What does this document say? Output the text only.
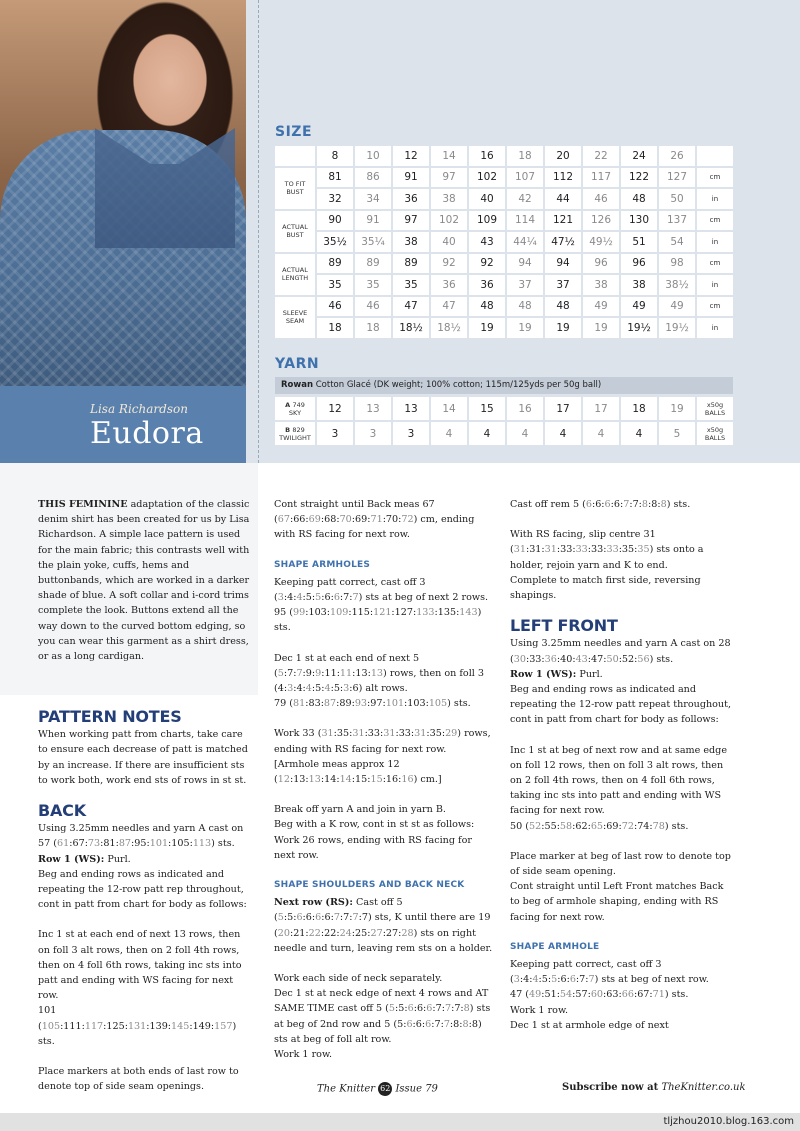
Lisa Richardson
Eudora
SIZE
	8	10	12	14	16	18	20	22	24	26	
TO FIT BUST	81	86	91	97	102	107	112	117	122	127	cm
	32	34	36	38	40	42	44	46	48	50	in
ACTUAL BUST	90	91	97	102	109	114	121	126	130	137	cm
	35½	35¼	38	40	43	44¼	47½	49½	51	54	in
ACTUAL LENGTH	89	89	89	92	92	94	94	96	96	98	cm
	35	35	35	36	36	37	37	38	38	38½	in
SLEEVE SEAM	46	46	47	47	48	48	48	49	49	49	cm
	18	18	18½	18½	19	19	19	19	19½	19½	in
YARN
Rowan Cotton Glacé (DK weight; 100% cotton; 115m/125yds per 50g ball)
A 749
SKY	12	13	13	14	15	16	17	17	18	19	x50g BALLS
B 829
TWILIGHT	3	3	3	4	4	4	4	4	4	5	x50g BALLS

THIS FEMININE adaptation of the classic denim shirt has been created for us by Lisa Richardson. A simple lace pattern is used for the main fabric; this contrasts well with the plain yoke, cuffs, hems and buttonbands, which are worked in a darker shade of blue. A soft collar and i-cord trims complete the look. Buttons extend all the way down to the curved bottom edging, so you can wear this garment as a shirt dress, or as a long cardigan.

PATTERN NOTES

When working patt from charts, take care to ensure each decrease of patt is matched by an increase. If there are insufficient sts to work both, work end sts of rows in st st.

BACK

Using 3.25mm needles and yarn A cast on 57 (61:67:73:81:87:95:101:105:113) sts.

Row 1 (WS): Purl.

Beg and ending rows as indicated and repeating the 12-row patt rep throughout, cont in patt from chart for body as follows:

Inc 1 st at each end of next 13 rows, then on foll 3 alt rows, then on 2 foll 4th rows, then on 4 foll 6th rows, taking inc sts into patt and ending with WS facing for next row.

101 (105:111:117:125:131:139:145:149:157) sts.

Place markers at both ends of last row to denote top of side seam openings.

Cont straight until Back meas 67 (67:66:69:68:70:69:71:70:72) cm, ending with RS facing for next row.

SHAPE ARMHOLES

Keeping patt correct, cast off 3 (3:4:4:5:5:6:6:7:7) sts at beg of next 2 rows.

95 (99:103:109:115:121:127:133:135:143) sts.

Dec 1 st at each end of next 5 (5:7:7:9:9:11:11:13:13) rows, then on foll 3 (4:3:4:4:5:4:5:3:6) alt rows.

79 (81:83:87:89:93:97:101:103:105) sts.

Work 33 (31:35:31:33:31:33:31:35:29) rows, ending with RS facing for next row.

[Armhole meas approx 12 (12:13:13:14:14:15:15:16:16) cm.]

Break off yarn A and join in yarn B.

Beg with a K row, cont in st st as follows:

Work 26 rows, ending with RS facing for next row.

SHAPE SHOULDERS AND BACK NECK

Next row (RS): Cast off 5 (5:5:6:6:6:6:7:7:7:7) sts, K until there are 19 (20:21:22:22:24:25:27:27:28) sts on right needle and turn, leaving rem sts on a holder.

Work each side of neck separately.

Dec 1 st at neck edge of next 4 rows and AT SAME TIME cast off 5 (5:5:6:6:6:7:7:7:8) sts at beg of 2nd row and 5 (5:6:6:6:7:7:8:8:8) sts at beg of foll alt row.

Work 1 row.

Cast off rem 5 (6:6:6:6:7:7:8:8:8) sts.

With RS facing, slip centre 31 (31:31:31:33:33:33:33:35:35) sts onto a holder, rejoin yarn and K to end.

Complete to match first side, reversing shapings.

LEFT FRONT

Using 3.25mm needles and yarn A cast on 28 (30:33:36:40:43:47:50:52:56) sts.

Row 1 (WS): Purl.

Beg and ending rows as indicated and repeating the 12-row patt repeat throughout, cont in patt from chart for body as follows:

Inc 1 st at beg of next row and at same edge on foll 12 rows, then on foll 3 alt rows, then on 2 foll 4th rows, then on 4 foll 6th rows, taking inc sts into patt and ending with WS facing for next row.

50 (52:55:58:62:65:69:72:74:78) sts.

Place marker at beg of last row to denote top of side seam opening.

Cont straight until Left Front matches Back to beg of armhole shaping, ending with RS facing for next row.

SHAPE ARMHOLE

Keeping patt correct, cast off 3 (3:4:4:5:5:6:6:7:7) sts at beg of next row.

47 (49:51:54:57:60:63:66:67:71) sts.

Work 1 row.

Dec 1 st at armhole edge of next

The Knitter 62 Issue 79	Subscribe now at TheKnitter.co.uk
tljzhou2010.blog.163.com
